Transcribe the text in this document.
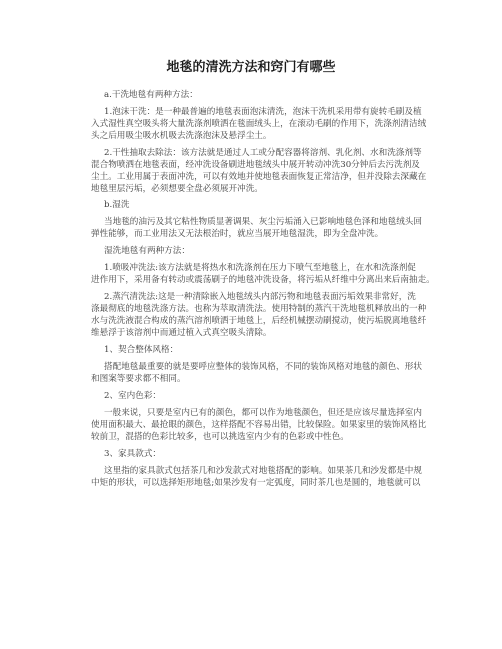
地毯的清洗方法和窍门有哪些
a.干洗地毯有两种方法：
1.泡沫干洗：是一种最普遍的地毯表面泡沫清洗，泡沫干洗机采用带有旋转毛刷及植
入式湿性真空吸头将大量洗涤剂喷洒在毯面绒头上，在滚动毛刷的作用下，洗涤剂清洁绒
头之后用吸尘吸水机吸去洗涤泡沫及悬浮尘土。
2.干性抽取去除法：该方法就是通过人工或分配容器将溶剂、乳化剂、水和洗涤剂等
混合物喷洒在地毯表面，经冲洗设备刷进地毯绒头中展开转动冲洗30分钟后去污洗剂及
尘土。工业用属于表面冲洗，可以有效地并使地毯表面恢复正常洁净，但并没除去深藏在
地毯里层污垢，必须想要全盘必须展开冲洗。
b.湿洗
当地毯的油污及其它粘性物质显著调果、灰尘污垢涌入已影响地毯色泽和地毯绒头回
弹性能够，而工业用法又无法根治时，就应当展开地毯湿洗，即为全盘冲洗。
湿洗地毯有两种方法：
1.喷吸冲洗法:该方法就是将热水和洗涤剂在压力下喷气至地毯上，在水和洗涤剂促
进作用下，采用备有转动或震荡刷子的地毯冲洗设备，将污垢从纤维中分离出来后南抽走。
2.蒸汽清洗法:这是一种清除嵌入地毯绒头内部污物和地毯表面污垢效果非常好，洗
涤最彻底的地毯洗涤方法。也称为萃取清洗法。使用特制的蒸汽干洗地毯机释放出的一种
水与洗洗液混合构成的蒸汽溶剂喷洒于地毯上，后经机械摆动刷搅动，使污垢脱离地毯纤
维悬浮于该溶剂中而通过植入式真空吸头清除。
1、契合整体风格：
搭配地毯最重要的就是要呼应整体的装饰风格，不同的装饰风格对地毯的颜色、形状
和图案等要求都不相同。
2、室内色彩：
一般来说，只要是室内已有的颜色，都可以作为地毯颜色，但还是应该尽量选择室内
使用面积最大、最抢眼的颜色，这样搭配不容易出错，比较保险。如果家里的装饰风格比
较前卫，混搭的色彩比较多，也可以挑选室内少有的色彩或中性色。
3、家具款式：
这里指的家具款式包括茶几和沙发款式对地毯搭配的影响。如果茶几和沙发都是中规
中矩的形状，可以选择矩形地毯;如果沙发有一定弧度，同时茶几也是圆的，地毯就可以
